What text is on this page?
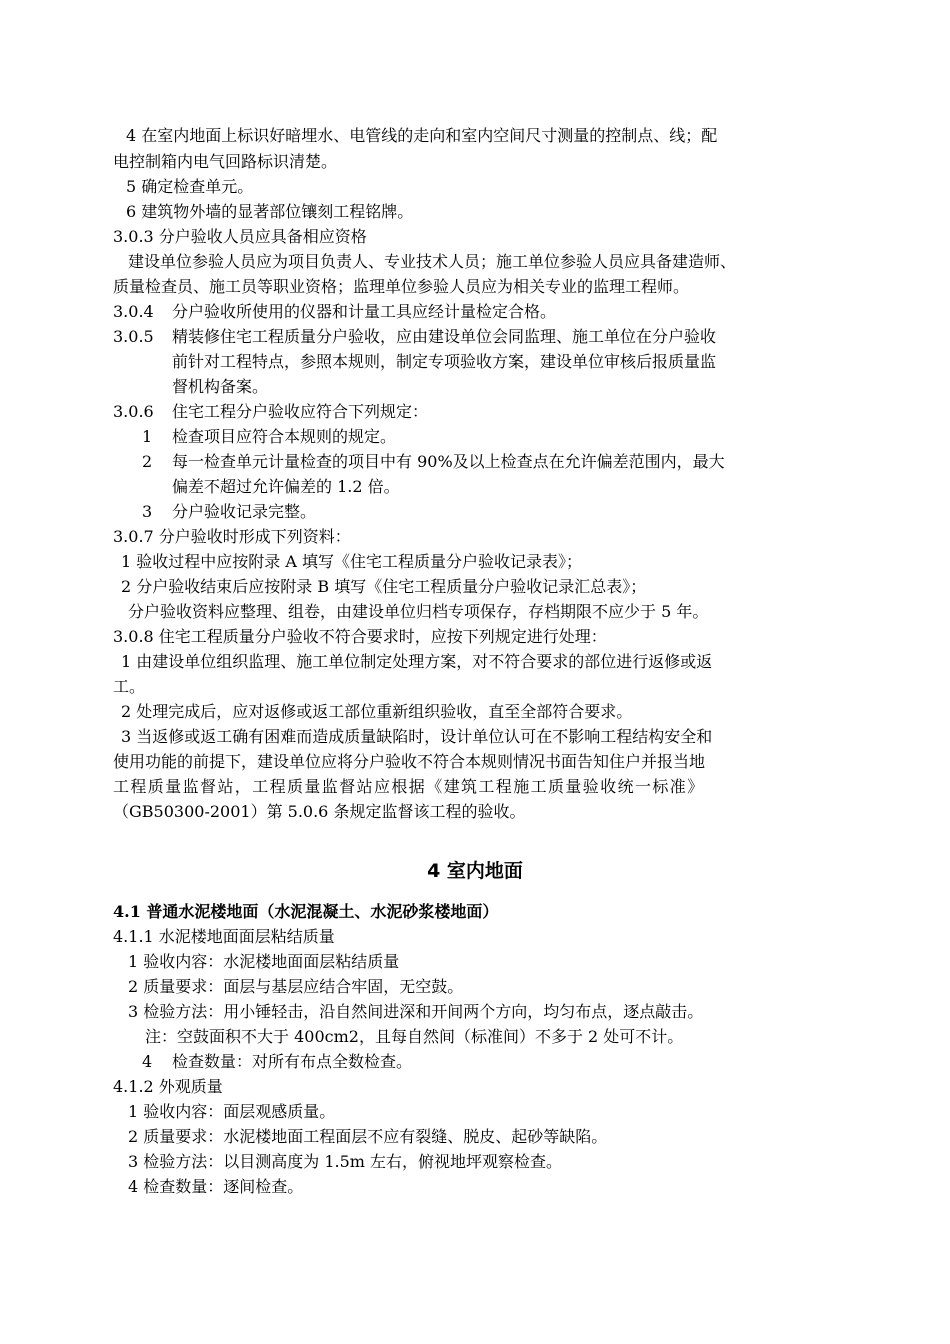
4 在室内地面上标识好暗埋水、电管线的走向和室内空间尺寸测量的控制点、线；配
电控制箱内电气回路标识清楚。
5 确定检查单元。
6 建筑物外墙的显著部位镶刻工程铭牌。
3.0.3 分户验收人员应具备相应资格
建设单位参验人员应为项目负责人、专业技术人员；施工单位参验人员应具备建造师、
质量检查员、施工员等职业资格；监理单位参验人员应为相关专业的监理工程师。
3.0.4 分户验收所使用的仪器和计量工具应经计量检定合格。
3.0.5 精装修住宅工程质量分户验收，应由建设单位会同监理、施工单位在分户验收
前针对工程特点，参照本规则，制定专项验收方案，建设单位审核后报质量监
督机构备案。
3.0.6 住宅工程分户验收应符合下列规定：
1 检查项目应符合本规则的规定。
2 每一检查单元计量检查的项目中有 90%及以上检查点在允许偏差范围内，最大
偏差不超过允许偏差的 1.2 倍。
3 分户验收记录完整。
3.0.7 分户验收时形成下列资料：
1 验收过程中应按附录 A 填写《住宅工程质量分户验收记录表》；
2 分户验收结束后应按附录 B 填写《住宅工程质量分户验收记录汇总表》；
分户验收资料应整理、组卷，由建设单位归档专项保存，存档期限不应少于 5 年。
3.0.8 住宅工程质量分户验收不符合要求时，应按下列规定进行处理：
1 由建设单位组织监理、施工单位制定处理方案，对不符合要求的部位进行返修或返
工。
2 处理完成后，应对返修或返工部位重新组织验收，直至全部符合要求。
3 当返修或返工确有困难而造成质量缺陷时，设计单位认可在不影响工程结构安全和
使用功能的前提下，建设单位应将分户验收不符合本规则情况书面告知住户并报当地
工程质量监督站，工程质量监督站应根据《建筑工程施工质量验收统一标准》
（GB50300-2001）第 5.0.6 条规定监督该工程的验收。
4 室内地面
4.1 普通水泥楼地面（水泥混凝土、水泥砂浆楼地面）
4.1.1 水泥楼地面面层粘结质量
1 验收内容：水泥楼地面面层粘结质量
2 质量要求：面层与基层应结合牢固，无空鼓。
3 检验方法：用小锤轻击，沿自然间进深和开间两个方向，均匀布点，逐点敲击。
注：空鼓面积不大于 400cm2，且每自然间（标准间）不多于 2 处可不计。
4 检查数量：对所有布点全数检查。
4.1.2 外观质量
1 验收内容：面层观感质量。
2 质量要求：水泥楼地面工程面层不应有裂缝、脱皮、起砂等缺陷。
3 检验方法：以目测高度为 1.5m 左右，俯视地坪观察检查。
4 检查数量：逐间检查。
